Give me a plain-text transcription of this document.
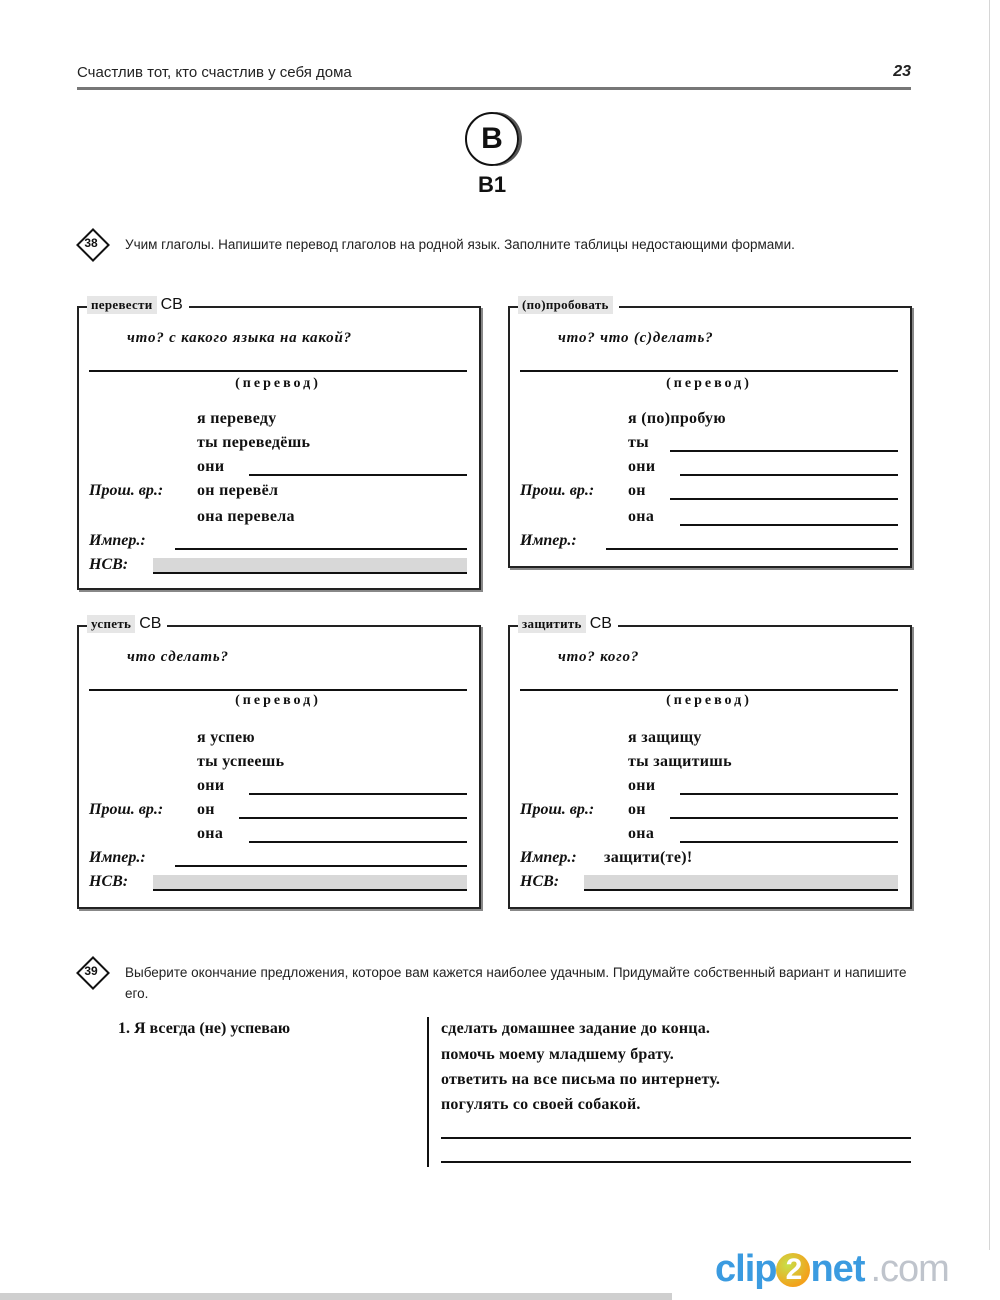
Счастлив тот, кто счастлив у себя дома	23
B
B1
38 Учим глаголы. Напишите перевод глаголов на родной язык. Заполните таблицы недостающими формами.
перевести СВ
что? с какого языка на какой?
(перевод)
я переведу
ты переведёшь
они
Прош. вр.: он перевёл
она перевела
Импер.:
НСВ:
(по)пробовать
что? что (с)делать?
(перевод)
я (по)пробую
ты
они
Прош. вр.: он
она
Импер.:
успеть СВ
что сделать?
(перевод)
я успею
ты успеешь
они
Прош. вр.: он
она
Импер.:
НСВ:
защитить СВ
что? кого?
(перевод)
я защищу
ты защитишь
они
Прош. вр.: он
она
Импер.: защити(те)!
НСВ:
39 Выберите окончание предложения, которое вам кажется наиболее удачным. Придумайте собственный вариант и напишите его.
1. Я всегда (не) успеваю	сделать домашнее задание до конца.
помочь моему младшему брату.
ответить на все письма по интернету.
погулять со своей собакой.
clip 2 net .com
